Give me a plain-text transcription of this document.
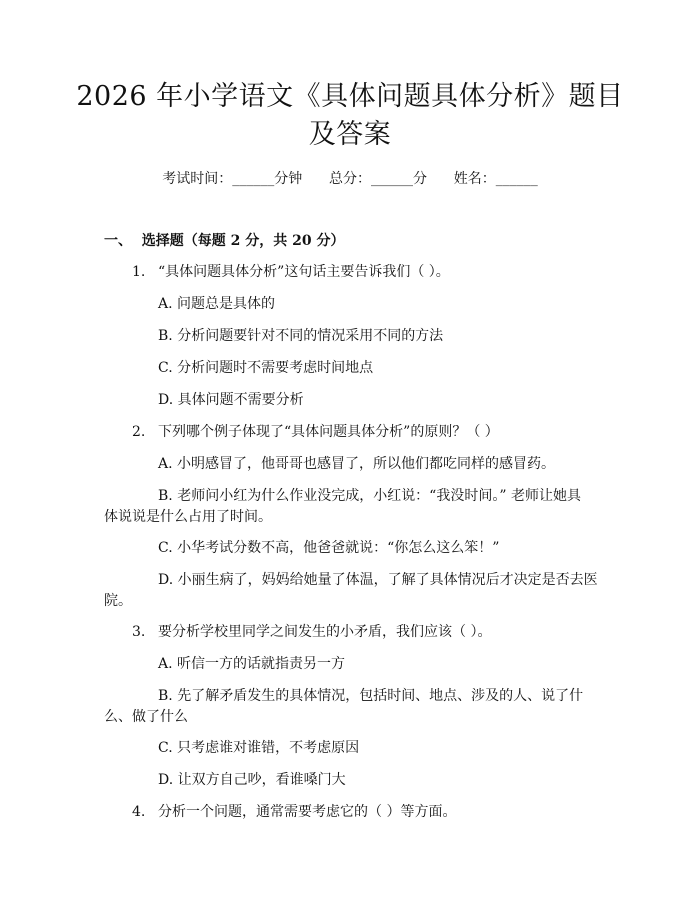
2026 年小学语文《具体问题具体分析》题目
及答案
考试时间：______分钟      总分：______分      姓名：______
一、  选择题（每题 2 分，共 20 分）
1. “具体问题具体分析”这句话主要告诉我们（ ）。
A. 问题总是具体的
B. 分析问题要针对不同的情况采用不同的方法
C. 分析问题时不需要考虑时间地点
D. 具体问题不需要分析
2. 下列哪个例子体现了“具体问题具体分析”的原则？（ ）
A. 小明感冒了，他哥哥也感冒了，所以他们都吃同样的感冒药。
B. 老师问小红为什么作业没完成，小红说：“我没时间。” 老师让她具
体说说是什么占用了时间。
C. 小华考试分数不高，他爸爸就说：“你怎么这么笨！”
D. 小丽生病了，妈妈给她量了体温，了解了具体情况后才决定是否去医
院。
3. 要分析学校里同学之间发生的小矛盾，我们应该（ ）。
A. 听信一方的话就指责另一方
B. 先了解矛盾发生的具体情况，包括时间、地点、涉及的人、说了什
么、做了什么
C. 只考虑谁对谁错，不考虑原因
D. 让双方自己吵，看谁嗓门大
4. 分析一个问题，通常需要考虑它的（ ）等方面。
